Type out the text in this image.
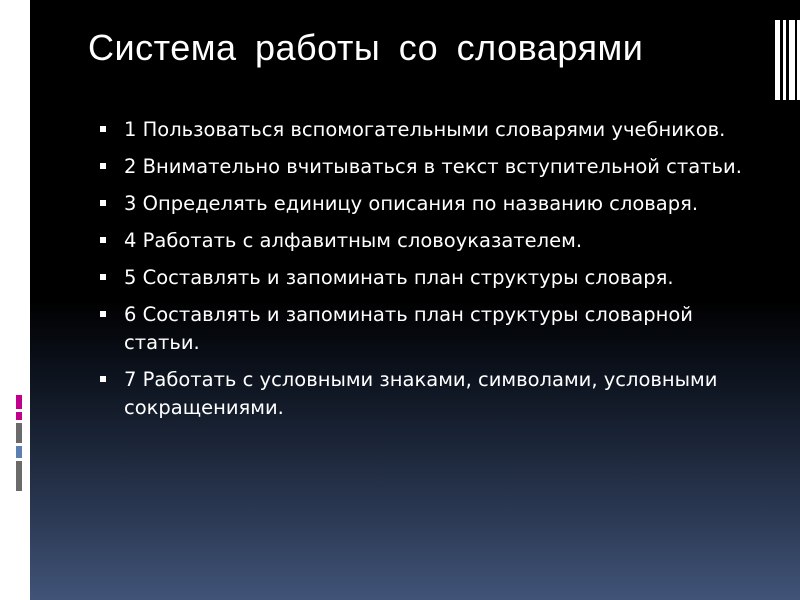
Система работы со словарями
1 Пользоваться вспомогательными словарями учебников.
2 Внимательно вчитываться в текст вступительной статьи.
3 Определять единицу описания по названию словаря.
4 Работать с алфавитным словоуказателем.
5 Составлять и запоминать план структуры словаря.
6 Составлять и запоминать план структуры словарной статьи.
7 Работать с условными знаками, символами, условными сокращениями.
